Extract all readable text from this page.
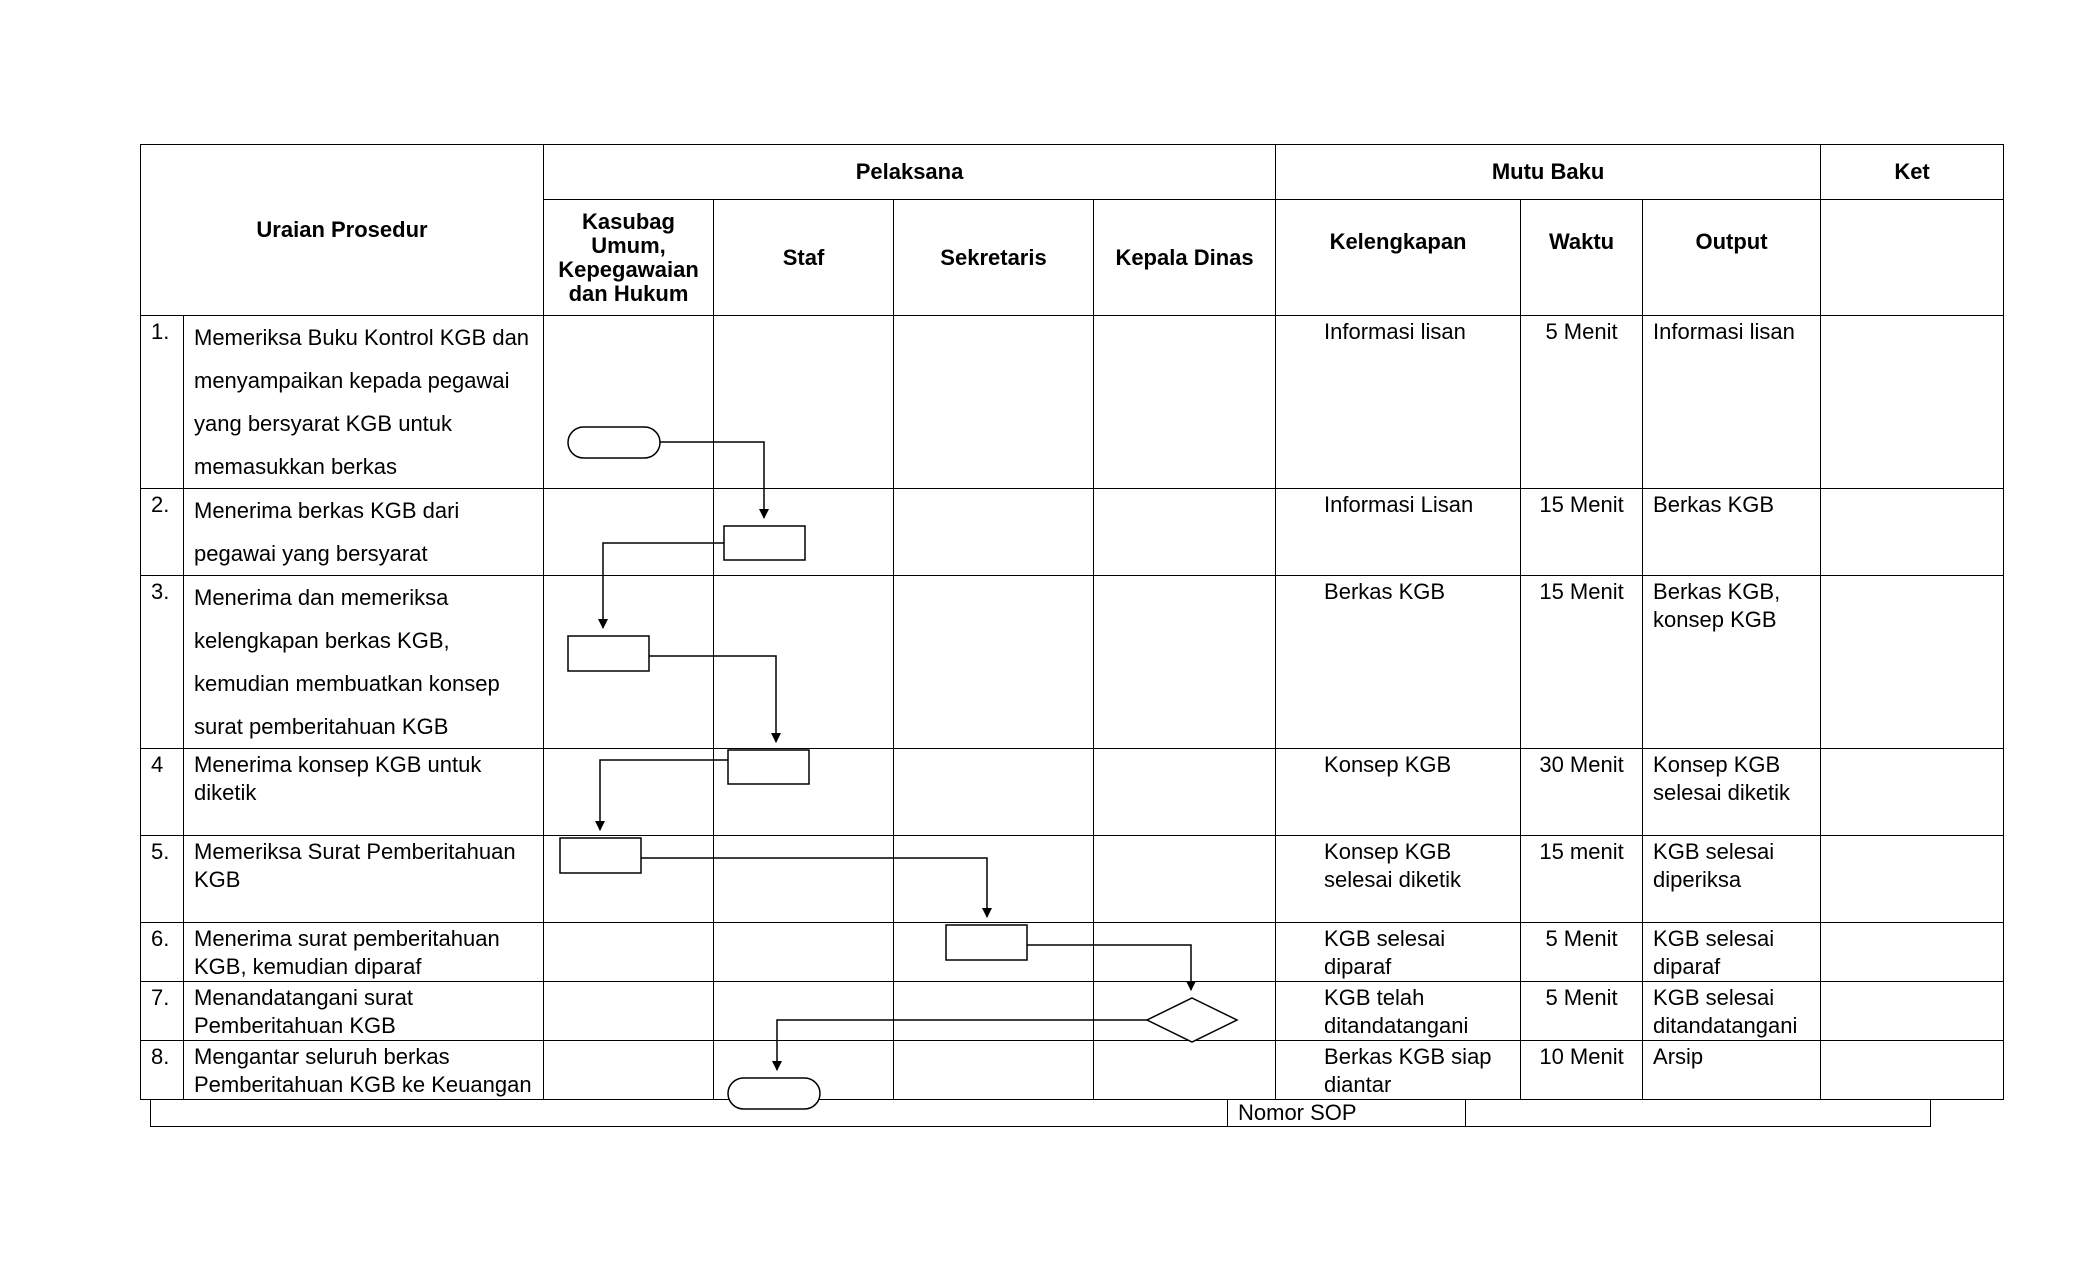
Uraian Prosedur		Pelaksana				Mutu Baku			Ket
		Kasubag
Umum,
Kepegawaian
dan Hukum	Staf	Sekretaris	Kepala Dinas	Kelengkapan	Waktu	Output	
1.	Memeriksa Buku Kontrol KGB dan menyampaikan kepada pegawai yang bersyarat KGB untuk memasukkan berkas					Informasi lisan	5 Menit	Informasi lisan	
2.	Menerima berkas KGB dari pegawai yang bersyarat					Informasi Lisan	15 Menit	Berkas KGB	
3.	Menerima dan memeriksa kelengkapan berkas KGB, kemudian membuatkan konsep surat pemberitahuan KGB					Berkas KGB	15 Menit	Berkas KGB, konsep KGB	
4	Menerima konsep KGB untuk diketik					Konsep KGB	30 Menit	Konsep KGB selesai diketik	
5.	Memeriksa Surat Pemberitahuan KGB					Konsep KGB selesai diketik	15 menit	KGB selesai diperiksa	
6.	Menerima surat pemberitahuan KGB, kemudian diparaf					KGB selesai diparaf	5 Menit	KGB selesai diparaf	
7.	Menandatangani surat Pemberitahuan KGB					KGB telah ditandatangani	5 Menit	KGB selesai ditandatangani	
8.	Mengantar seluruh berkas Pemberitahuan KGB ke Keuangan					Berkas KGB siap diantar	10 Menit	Arsip	
	Nomor SOP	
